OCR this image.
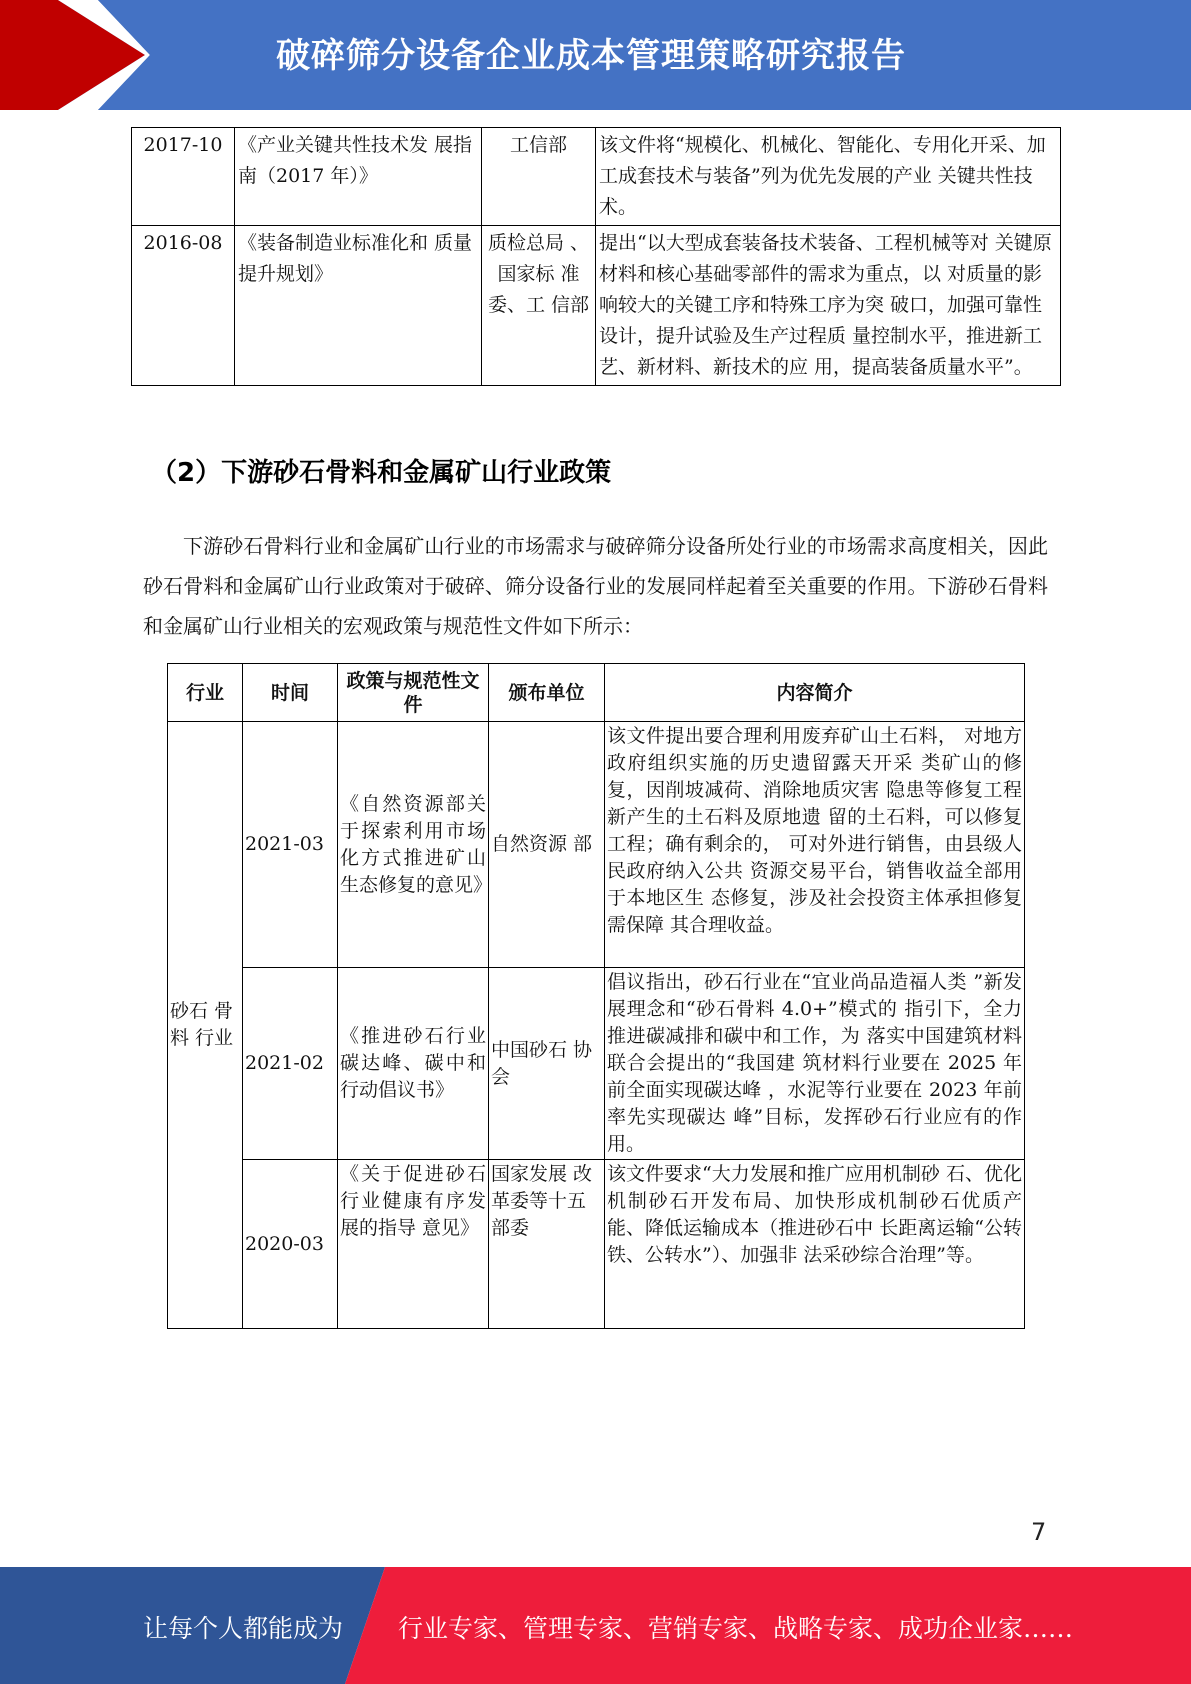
破碎筛分设备企业成本管理策略研究报告
2017-10	《产业关键共性技术发 展指南（2017 年）》	工信部	该文件将“规模化、机械化、智能化、专用化开采、加工成套技术与装备”列为优先发展的产业 关键共性技术。
2016-08	《装备制造业标准化和 质量提升规划》	质检总局 、国家标 准委、工 信部	提出“以大型成套装备技术装备、工程机械等对 关键原材料和核心基础零部件的需求为重点，以 对质量的影响较大的关键工序和特殊工序为突 破口，加强可靠性设计，提升试验及生产过程质 量控制水平，推进新工艺、新材料、新技术的应 用，提高装备质量水平”。
（2）下游砂石骨料和金属矿山行业政策
下游砂石骨料行业和金属矿山行业的市场需求与破碎筛分设备所处行业的市场需求高度相关，因此砂石骨料和金属矿山行业政策对于破碎、筛分设备行业的发展同样起着至关重要的作用。下游砂石骨料和金属矿山行业相关的宏观政策与规范性文件如下所示：
行业	时间	政策与规范性文件	颁布单位	内容简介
砂石 骨料 行业	2021-03	《自然资源部关于探索利用市场化方式推进矿山生态修复的意见》	自然资源 部	该文件提出要合理利用废弃矿山土石料， 对地方政府组织实施的历史遗留露天开采 类矿山的修复，因削坡减荷、消除地质灾害 隐患等修复工程新产生的土石料及原地遗 留的土石料，可以修复工程；确有剩余的， 可对外进行销售，由县级人民政府纳入公共 资源交易平台，销售收益全部用于本地区生 态修复，涉及社会投资主体承担修复需保障 其合理收益。
	2021-02	《推进砂石行业碳达峰、碳中和行动倡议书》	中国砂石 协会	倡议指出，砂石行业在“宜业尚品造福人类 ”新发展理念和“砂石骨料 4.0+”模式的 指引下，全力推进碳减排和碳中和工作，为 落实中国建筑材料联合会提出的“我国建 筑材料行业要在 2025 年前全面实现碳达峰 ，水泥等行业要在 2023 年前率先实现碳达 峰”目标，发挥砂石行业应有的作用。
	2020-03	《关于促进砂石行业健康有序发展的指导 意见》	国家发展 改革委等十五部委	该文件要求“大力发展和推广应用机制砂 石、优化机制砂石开发布局、加快形成机制砂石优质产能、降低运输成本（推进砂石中 长距离运输“公转铁、公转水”）、加强非 法采砂综合治理”等。
7
让每个人都能成为 行业专家、管理专家、营销专家、战略专家、成功企业家……
